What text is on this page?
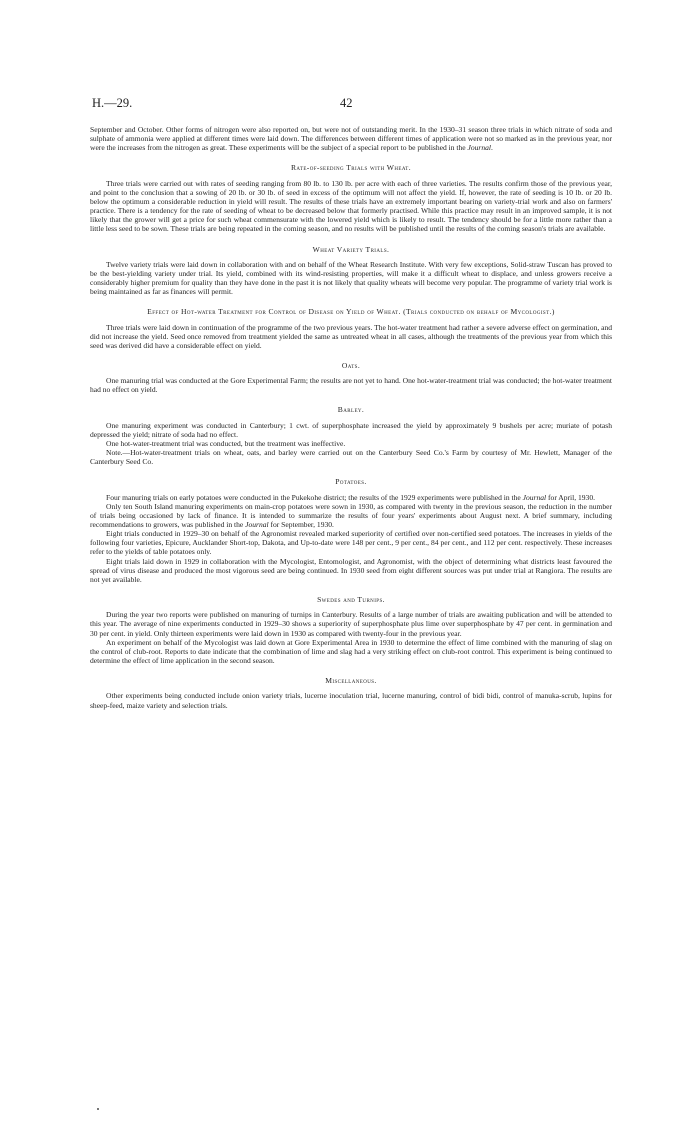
H.—29.	42

September and October. Other forms of nitrogen were also reported on, but were not of outstanding merit. In the 1930–31 season three trials in which nitrate of soda and sulphate of ammonia were applied at different times were laid down. The differences between different times of application were not so marked as in the previous year, nor were the increases from the nitrogen as great. These experiments will be the subject of a special report to be published in the Journal.

Rate-of-seeding Trials with Wheat.

Three trials were carried out with rates of seeding ranging from 80 lb. to 130 lb. per acre with each of three varieties. The results confirm those of the previous year, and point to the conclusion that a sowing of 20 lb. or 30 lb. of seed in excess of the optimum will not affect the yield. If, however, the rate of seeding is 10 lb. or 20 lb. below the optimum a considerable reduction in yield will result. The results of these trials have an extremely important bearing on variety-trial work and also on farmers' practice. There is a tendency for the rate of seeding of wheat to be decreased below that formerly practised. While this practice may result in an improved sample, it is not likely that the grower will get a price for such wheat commensurate with the lowered yield which is likely to result. The tendency should be for a little more rather than a little less seed to be sown. These trials are being repeated in the coming season, and no results will be published until the results of the coming season's trials are available.

Wheat Variety Trials.

Twelve variety trials were laid down in collaboration with and on behalf of the Wheat Research Institute. With very few exceptions, Solid-straw Tuscan has proved to be the best-yielding variety under trial. Its yield, combined with its wind-resisting properties, will make it a difficult wheat to displace, and unless growers receive a considerably higher premium for quality than they have done in the past it is not likely that quality wheats will become very popular. The programme of variety trial work is being maintained as far as finances will permit.

Effect of Hot-water Treatment for Control of Disease on Yield of Wheat. (Trials conducted on behalf of Mycologist.)

Three trials were laid down in continuation of the programme of the two previous years. The hot-water treatment had rather a severe adverse effect on germination, and did not increase the yield. Seed once removed from treatment yielded the same as untreated wheat in all cases, although the treatments of the previous year from which this seed was derived did have a considerable effect on yield.

Oats.

One manuring trial was conducted at the Gore Experimental Farm; the results are not yet to hand. One hot-water-treatment trial was conducted; the hot-water treatment had no effect on yield.

Barley.

One manuring experiment was conducted in Canterbury; 1 cwt. of superphosphate increased the yield by approximately 9 bushels per acre; muriate of potash depressed the yield; nitrate of soda had no effect.

One hot-water-treatment trial was conducted, but the treatment was ineffective.

Note.—Hot-water-treatment trials on wheat, oats, and barley were carried out on the Canterbury Seed Co.'s Farm by courtesy of Mr. Hewlett, Manager of the Canterbury Seed Co.

Potatoes.

Four manuring trials on early potatoes were conducted in the Pukekohe district; the results of the 1929 experiments were published in the Journal for April, 1930.

Only ten South Island manuring experiments on main-crop potatoes were sown in 1930, as compared with twenty in the previous season, the reduction in the number of trials being occasioned by lack of finance. It is intended to summarize the results of four years' experiments about August next. A brief summary, including recommendations to growers, was published in the Journal for September, 1930.

Eight trials conducted in 1929–30 on behalf of the Agronomist revealed marked superiority of certified over non-certified seed potatoes. The increases in yields of the following four varieties, Epicure, Aucklander Short-top, Dakota, and Up-to-date were 148 per cent., 9 per cent., 84 per cent., and 112 per cent. respectively. These increases refer to the yields of table potatoes only.

Eight trials laid down in 1929 in collaboration with the Mycologist, Entomologist, and Agronomist, with the object of determining what districts least favoured the spread of virus disease and produced the most vigorous seed are being continued. In 1930 seed from eight different sources was put under trial at Rangiora. The results are not yet available.

Swedes and Turnips.

During the year two reports were published on manuring of turnips in Canterbury. Results of a large number of trials are awaiting publication and will be attended to this year. The average of nine experiments conducted in 1929–30 shows a superiority of superphosphate plus lime over superphosphate by 47 per cent. in germination and 30 per cent. in yield. Only thirteen experiments were laid down in 1930 as compared with twenty-four in the previous year.

An experiment on behalf of the Mycologist was laid down at Gore Experimental Area in 1930 to determine the effect of lime combined with the manuring of slag on the control of club-root. Reports to date indicate that the combination of lime and slag had a very striking effect on club-root control. This experiment is being continued to determine the effect of lime application in the second season.

Miscellaneous.

Other experiments being conducted include onion variety trials, lucerne inoculation trial, lucerne manuring, control of bidi bidi, control of manuka-scrub, lupins for sheep-feed, maize variety and selection trials.
